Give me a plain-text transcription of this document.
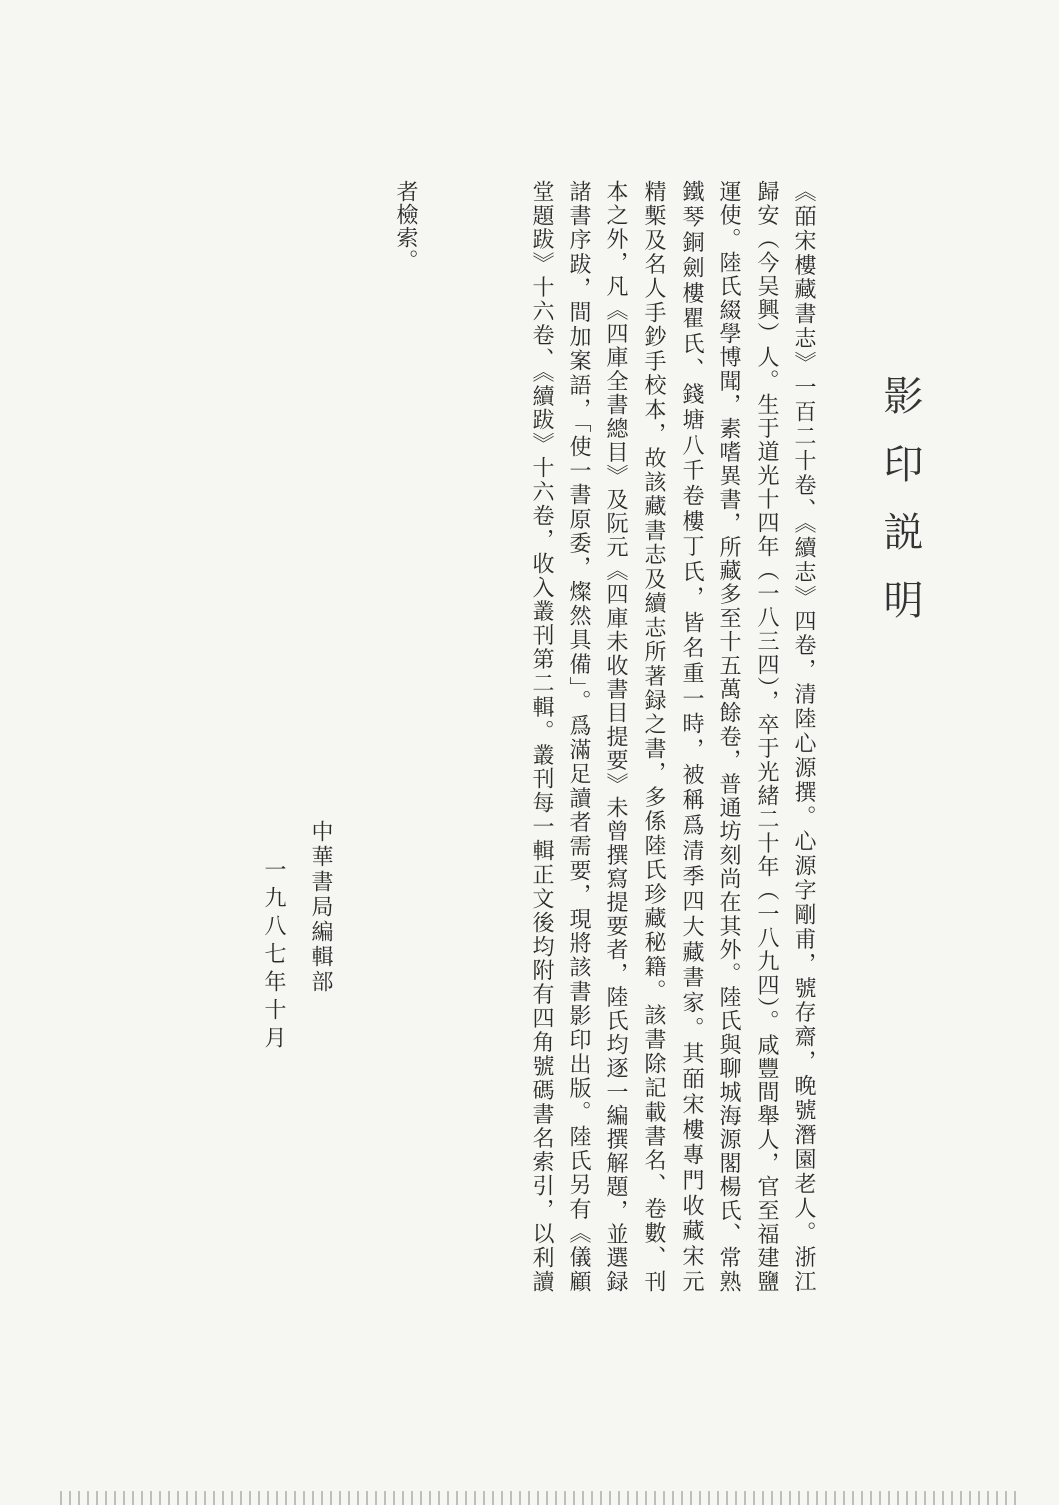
影印説明
《皕宋樓藏書志》一百二十卷、《續志》四卷，清陸心源撰。心源字剛甫，號存齋，晚號潛園老人。浙江
歸安（今吴興）人。生于道光十四年（一八三四），卒于光緒二十年（一八九四）。咸豐間舉人，官至福建鹽
運使。陸氏綴學博聞，素嗜異書，所藏多至十五萬餘卷，普通坊刻尚在其外。陸氏與聊城海源閣楊氏、常熟
鐵琴銅劍樓瞿氏、錢塘八千卷樓丁氏，皆名重一時，被稱爲清季四大藏書家。其皕宋樓專門收藏宋元
精槧及名人手鈔手校本，故該藏書志及續志所著録之書，多係陸氏珍藏秘籍。該書除記載書名、卷數、刊
本之外，凡《四庫全書總目》及阮元《四庫未收書目提要》未曾撰寫提要者，陸氏均逐一編撰解題，並選録
諸書序跋，間加案語，「使一書原委，燦然具備」。爲滿足讀者需要，現將該書影印出版。陸氏另有《儀顧
堂題跋》十六卷、《續跋》十六卷，收入叢刊第二輯。叢刊每一輯正文後均附有四角號碼書名索引，以利讀
者檢索。
中華書局編輯部
一九八七年十月
